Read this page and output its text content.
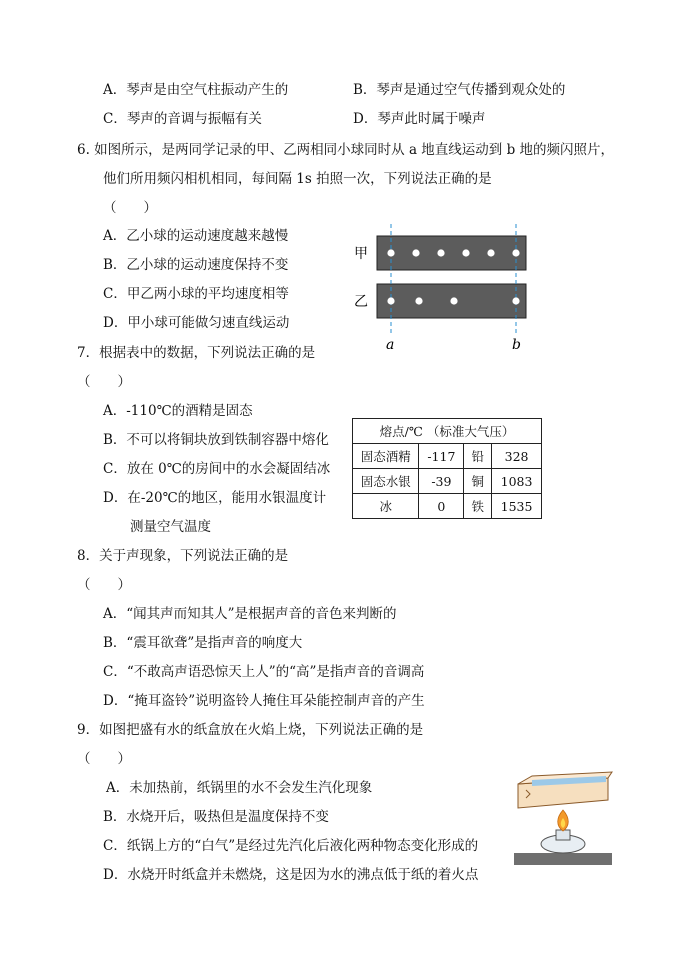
A．琴声是由空气柱振动产生的	B．琴声是通过空气传播到观众处的
C．琴声的音调与振幅有关	D．琴声此时属于噪声
6. 如图所示，是两同学记录的甲、乙两相同小球同时从 a 地直线运动到 b 地的频闪照片，
他们所用频闪相机相同，每间隔 1s 拍照一次，下列说法正确的是
（　　）
A．乙小球的运动速度越来越慢
B．乙小球的运动速度保持不变
C．甲乙两小球的平均速度相等
D．甲小球可能做匀速直线运动
甲
乙
a	b
7．根据表中的数据，下列说法正确的是
（　　）
A．-110℃的酒精是固态
B．不可以将铜块放到铁制容器中熔化
C．放在 0℃的房间中的水会凝固结冰
D．在-20℃的地区，能用水银温度计
测量空气温度
熔点/℃ （标准大气压）			
固态酒精	-117	铅	328
固态水银	-39	铜	1083
冰	0	铁	1535
8．关于声现象，下列说法正确的是
（　　）
A．“闻其声而知其人”是根据声音的音色来判断的
B．“震耳欲聋”是指声音的响度大
C．“不敢高声语恐惊天上人”的“高”是指声音的音调高
D．“掩耳盗铃”说明盗铃人掩住耳朵能控制声音的产生
9．如图把盛有水的纸盒放在火焰上烧，下列说法正确的是
（　　）
A．未加热前，纸锅里的水不会发生汽化现象
B．水烧开后，吸热但是温度保持不变
C．纸锅上方的“白气”是经过先汽化后液化两种物态变化形成的
D．水烧开时纸盒并未燃烧，这是因为水的沸点低于纸的着火点
